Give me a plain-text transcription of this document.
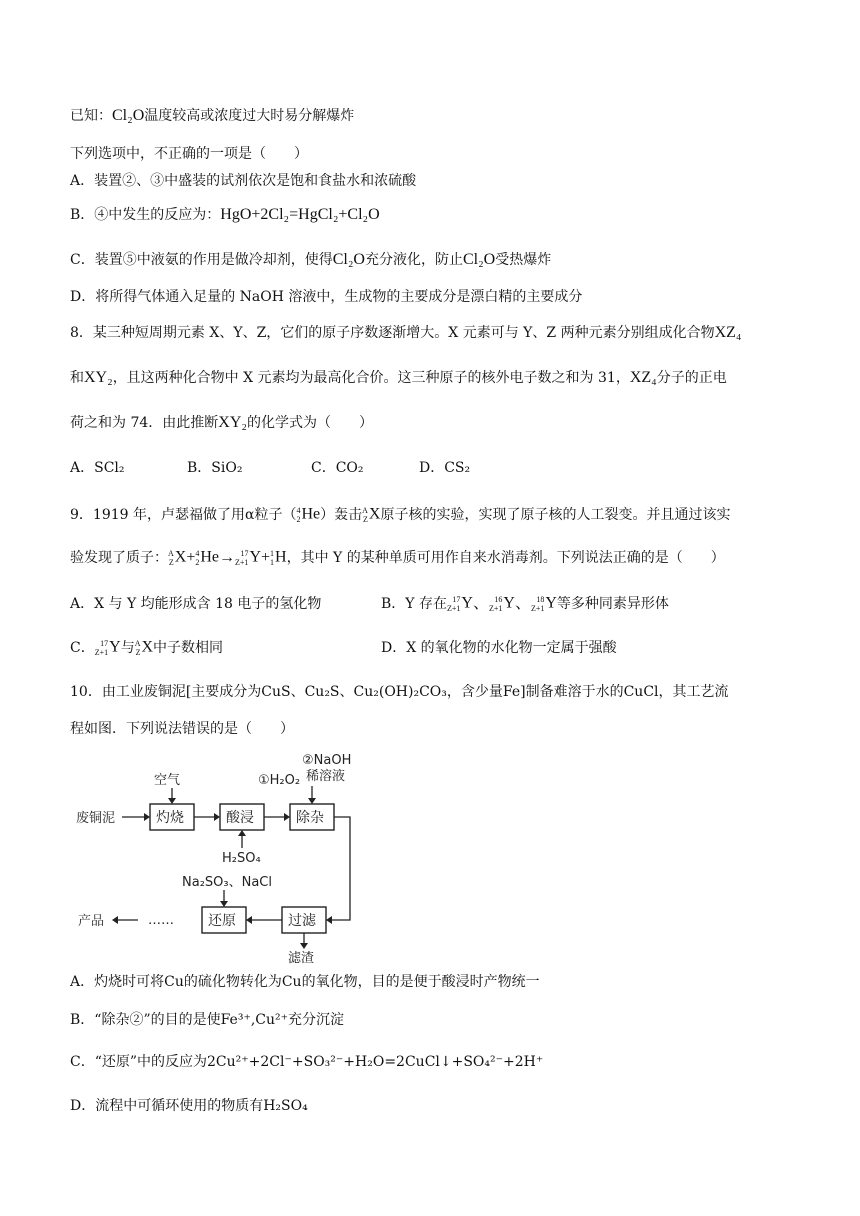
已知：Cl₂O温度较高或浓度过大时易分解爆炸
下列选项中，不正确的一项是（　　）
A．装置②、③中盛装的试剂依次是饱和食盐水和浓硫酸
B．④中发生的反应为：HgO+2Cl₂=HgCl₂+Cl₂O
C．装置⑤中液氨的作用是做冷却剂，使得Cl₂O充分液化，防止Cl₂O受热爆炸
D．将所得气体通入足量的 NaOH 溶液中，生成物的主要成分是漂白精的主要成分
8．某三种短周期元素 X、Y、Z，它们的原子序数逐渐增大。X 元素可与 Y、Z 两种元素分别组成化合物XZ₄
和XY₂，且这两种化合物中 X 元素均为最高化合价。这三种原子的核外电子数之和为 31，XZ₄分子的正电
荷之和为 74．由此推断XY₂的化学式为（　　）
A．SCl₂	B．SiO₂	C．CO₂	D．CS₂
9．1919 年，卢瑟福做了用α粒子（ 4
2 He）轰击 A
Z X原子核的实验，实现了原子核的人工裂变。并且通过该实
验发现了质子： A
Z X+ 4
2 He→ 17
Z+1 Y+ 1
1 H，其中 Y 的某种单质可用作自来水消毒剂。下列说法正确的是（　　）
A．X 与 Y 均能形成含 18 电子的氢化物	B．Y 存在 17
Z+1 Y、 16
Z+1 Y、 18
Z+1 Y等多种同素异形体
C． 17
Z+1 Y与 A
Z X中子数相同	D．X 的氧化物的水化物一定属于强酸
10．由工业废铜泥[主要成分为CuS、Cu₂S、Cu₂(OH)₂CO₃，含少量Fe]制备难溶于水的CuCl，其工艺流
程如图．下列说法错误的是（　　）
废铜泥	灼烧
空气
酸浸
H₂SO₄
除杂
②NaOH
①H₂O₂ 稀溶液
过滤
滤渣
还原
Na₂SO₃、NaCl
……
产品
A．灼烧时可将Cu的硫化物转化为Cu的氧化物，目的是便于酸浸时产物统一
B．“除杂②”的目的是使Fe³⁺,Cu²⁺充分沉淀
C．“还原”中的反应为2Cu²⁺+2Cl⁻+SO₃²⁻+H₂O=2CuCl↓+SO₄²⁻+2H⁺
D．流程中可循环使用的物质有H₂SO₄
